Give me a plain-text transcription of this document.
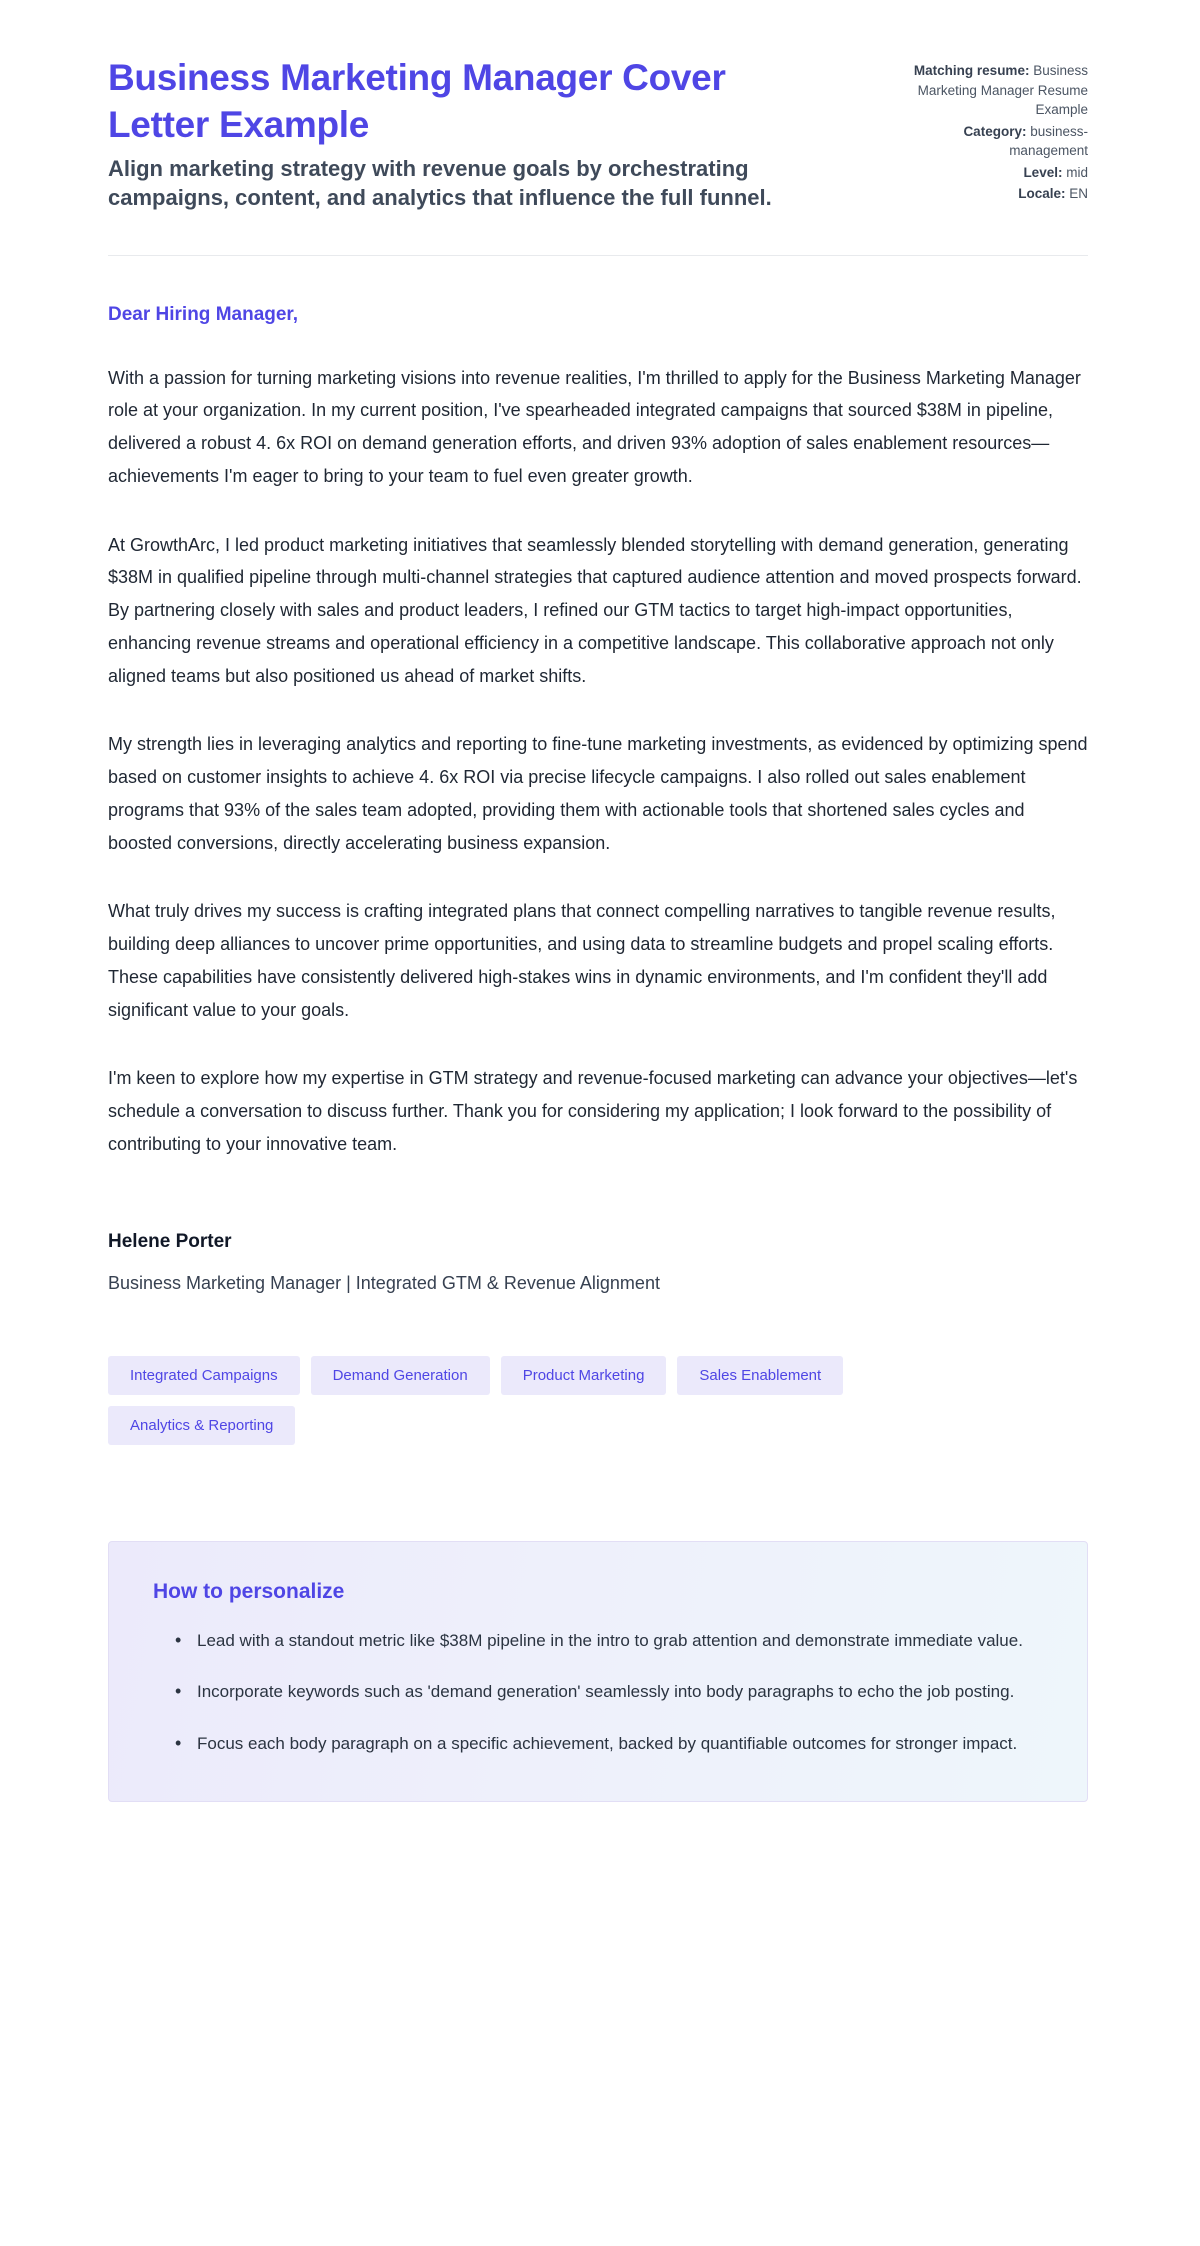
Business Marketing Manager Cover Letter Example

Align marketing strategy with revenue goals by orchestrating campaigns, content, and analytics that influence the full funnel.

Matching resume: Business Marketing Manager Resume Example
Category: business-management
Level: mid
Locale: EN

Dear Hiring Manager,

With a passion for turning marketing visions into revenue realities, I'm thrilled to apply for the Business Marketing Manager role at your organization. In my current position, I've spearheaded integrated campaigns that sourced $38M in pipeline, delivered a robust 4. 6x ROI on demand generation efforts, and driven 93% adoption of sales enablement resources—achievements I'm eager to bring to your team to fuel even greater growth.

At GrowthArc, I led product marketing initiatives that seamlessly blended storytelling with demand generation, generating $38M in qualified pipeline through multi-channel strategies that captured audience attention and moved prospects forward. By partnering closely with sales and product leaders, I refined our GTM tactics to target high-impact opportunities, enhancing revenue streams and operational efficiency in a competitive landscape. This collaborative approach not only aligned teams but also positioned us ahead of market shifts.

My strength lies in leveraging analytics and reporting to fine-tune marketing investments, as evidenced by optimizing spend based on customer insights to achieve 4. 6x ROI via precise lifecycle campaigns. I also rolled out sales enablement programs that 93% of the sales team adopted, providing them with actionable tools that shortened sales cycles and boosted conversions, directly accelerating business expansion.

What truly drives my success is crafting integrated plans that connect compelling narratives to tangible revenue results, building deep alliances to uncover prime opportunities, and using data to streamline budgets and propel scaling efforts. These capabilities have consistently delivered high-stakes wins in dynamic environments, and I'm confident they'll add significant value to your goals.

I'm keen to explore how my expertise in GTM strategy and revenue-focused marketing can advance your objectives—let's schedule a conversation to discuss further. Thank you for considering my application; I look forward to the possibility of contributing to your innovative team.

Helene Porter

Business Marketing Manager | Integrated GTM & Revenue Alignment

Integrated Campaigns	Demand Generation	Product Marketing	Sales Enablement
Analytics & Reporting
How to personalize
• Lead with a standout metric like $38M pipeline in the intro to grab attention and demonstrate immediate value.
• Incorporate keywords such as 'demand generation' seamlessly into body paragraphs to echo the job posting.
• Focus each body paragraph on a specific achievement, backed by quantifiable outcomes for stronger impact.
